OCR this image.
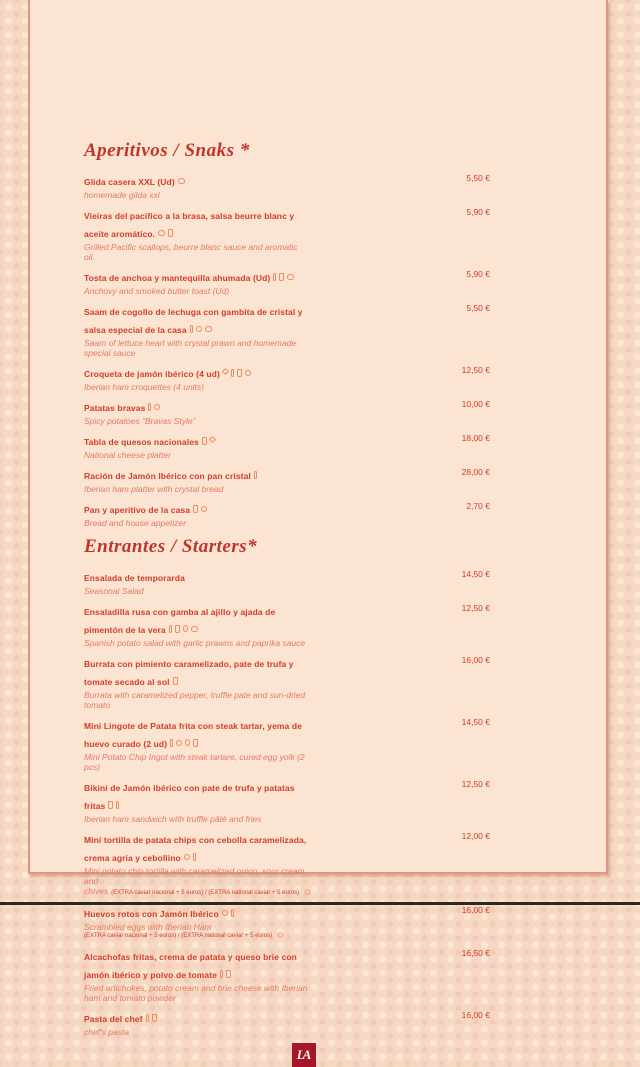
Aperitivos / Snaks *
Glida casera XXL (Ud)
homemade gilda xxl
5,50 €
Vieiras del pacifico a la brasa, salsa beurre blanc y aceite aromático.
Grilled Pacific scallops, beurre blanc sauce and aromatic oil.
5,90 €
Tosta de anchoa y mantequilla ahumada (Ud)
Anchovy and smoked butter toast (Ud)
5,90 €
Saam de cogollo de lechuga con gambita de cristal y salsa especial de la casa
Saam of lettuce heart with crystal prawn and homemade special sauce
5,50 €
Croqueta de jamón ibérico (4 ud)
Iberian ham croquettes (4 units)
12,50 €
Patatas bravas
Spicy potatoes “Bravas Style”
10,00 €
Tabla de quesos nacionales
National cheese platter
18,00 €
Ración de Jamón Ibérico con pan cristal
Iberian ham platter with crystal bread
28,00 €
Pan y aperitivo de la casa
Bread and house appetizer
2,70 €
Entrantes / Starters*
Ensalada de temporarda
Seasonal Salad
14,50 €
Ensaladilla rusa con gamba al ajillo y ajada de pimentón de la vera
Spanish potato salad with garlic prawns and paprika sauce
12,50 €
Burrata con pimiento caramelizado, pate de trufa y tomate secado al sol
Burrata with caramelized pepper, truffle pate and sun-dried tomato
16,00 €
Mini Lingote de Patata frita con steak tartar, yema de huevo curado (2 ud)
Mini Potato Chip Ingot with steak tartare, cured egg yolk (2 pcs)
14,50 €
Bikini de Jamón ibérico con pate de trufa y patatas fritas
Iberian ham sandwich with truffle pâté and fries
12,50 €
Mini tortilla de patata chips con cebolla caramelizada, crema agria y cebollino
Mini potato chip tortilla with caramelized onion, sour cream and chives (EXTRA caviar nacional + 5 euros) / (EXTRA national caviar + 5 euros)
12,00 €
Huevos rotos con Jamón Ibérico
Scrambled eggs with Iberian Ham
(EXTRA caviar nacional + 5 euros) / (EXTRA national caviar + 5 euros)
16,00 €
Alcachofas fritas, crema de patata y queso brie con jamón ibérico y polvo de tomate
Fried artichokes, potato cream and brie cheese with Iberian ham and tomato powder
16,50 €
Pasta del chef
chef's pasta
16,00 €
LA
